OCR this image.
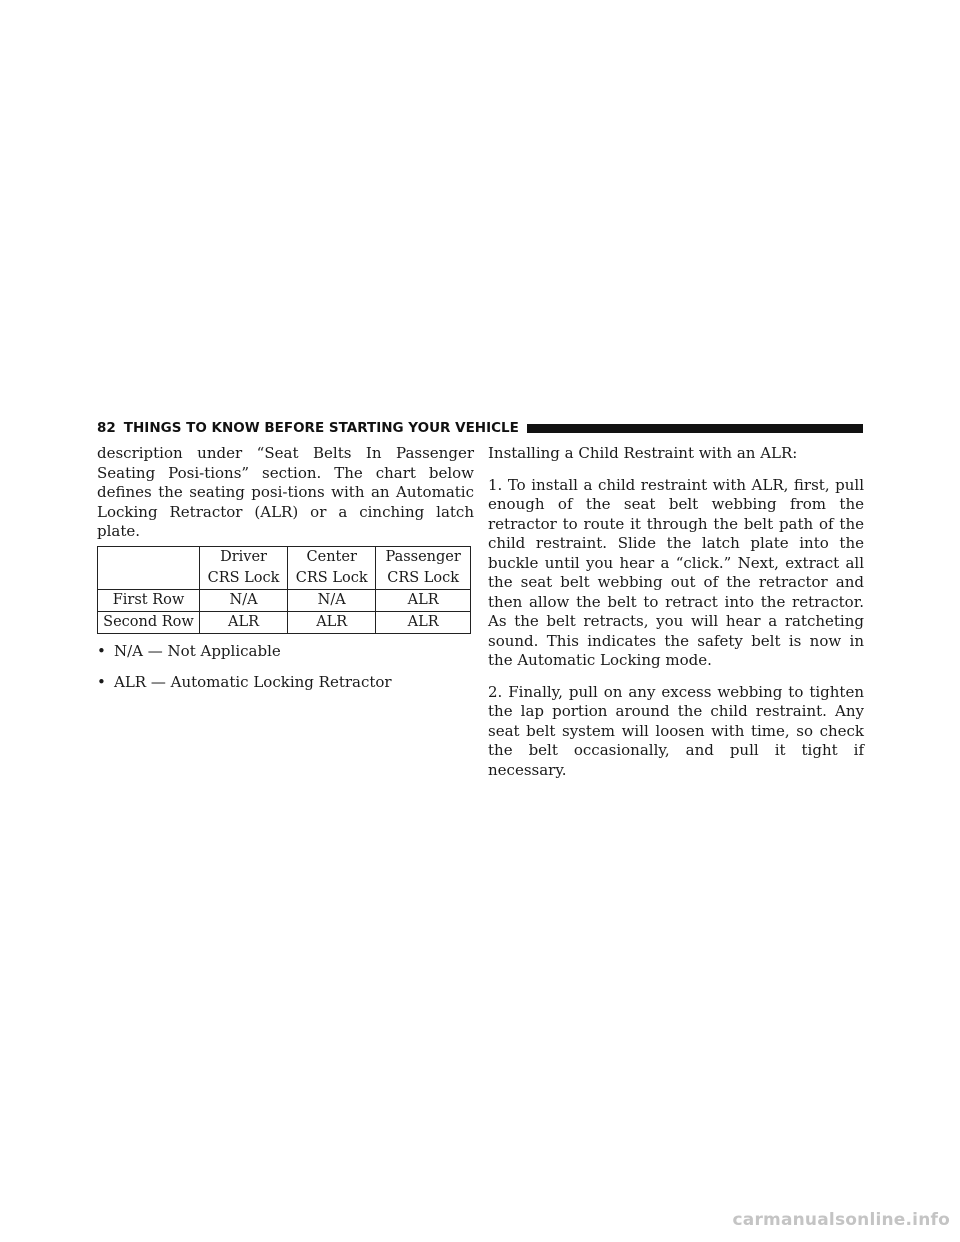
82 THINGS TO KNOW BEFORE STARTING YOUR VEHICLE

description under “Seat Belts In Passenger Seating Posi-tions” section. The chart below defines the seating posi-tions with an Automatic Locking Retractor (ALR) or a cinching latch plate.

	Driver	Center	Passenger
	CRS Lock	CRS Lock	CRS Lock
First Row	N/A	N/A	ALR
Second Row	ALR	ALR	ALR
• N/A — Not Applicable
• ALR — Automatic Locking Retractor

Installing a Child Restraint with an ALR:

1. To install a child restraint with ALR, first, pull enough of the seat belt webbing from the retractor to route it through the belt path of the child restraint. Slide the latch plate into the buckle until you hear a “click.” Next, extract all the seat belt webbing out of the retractor and then allow the belt to retract into the retractor. As the belt retracts, you will hear a ratcheting sound. This indicates the safety belt is now in the Automatic Locking mode.

2. Finally, pull on any excess webbing to tighten the lap portion around the child restraint. Any seat belt system will loosen with time, so check the belt occasionally, and pull it tight if necessary.

carmanualsonline.info
